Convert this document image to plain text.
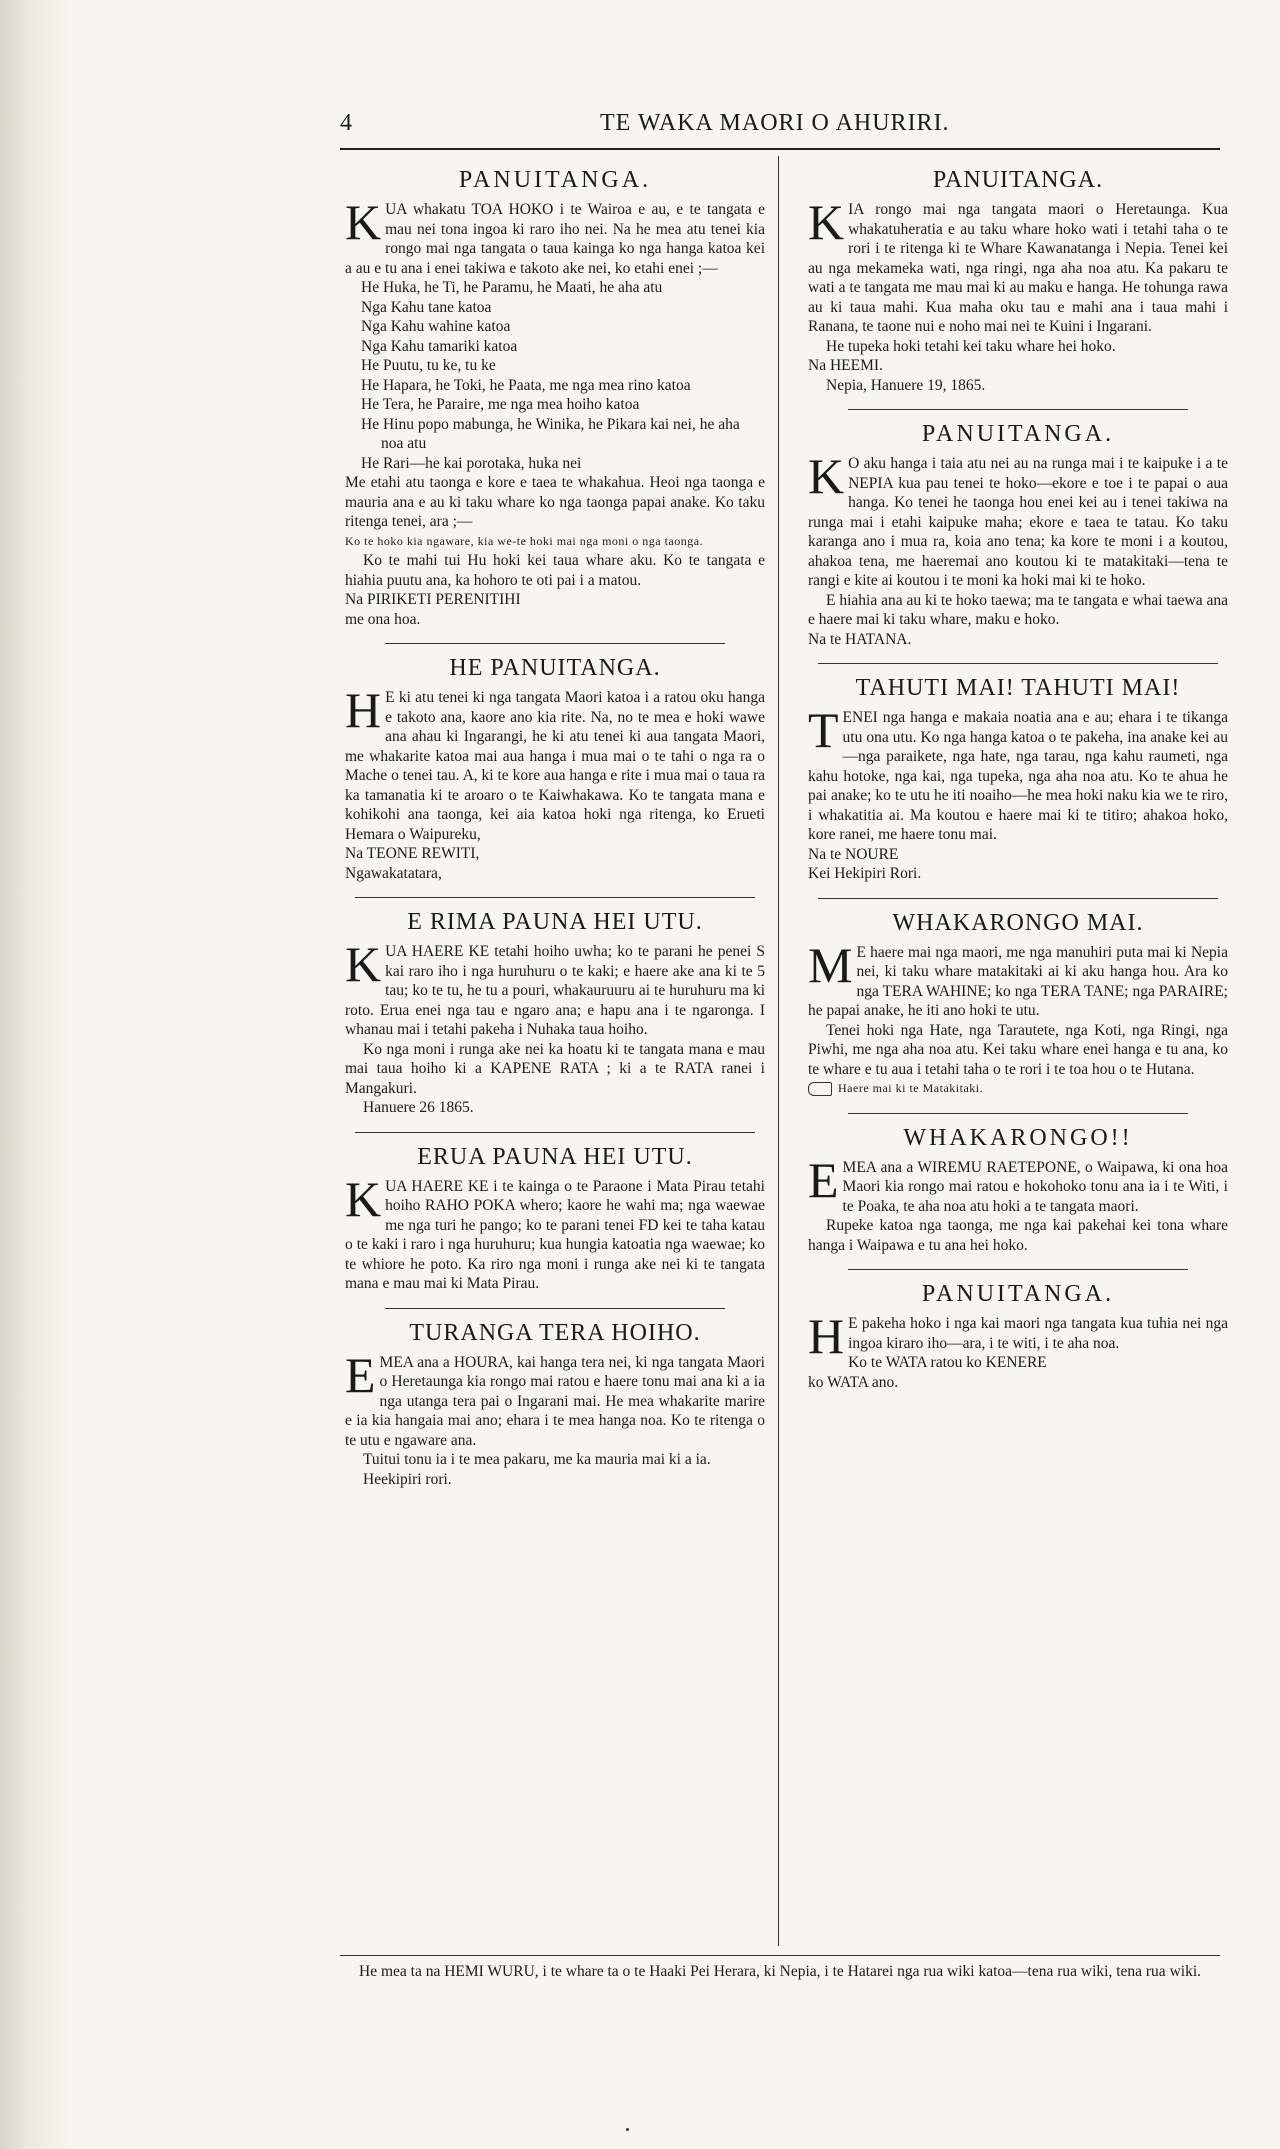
4	TE WAKA MAORI O AHURIRI.
PANUITANGA.

KUA whakatu TOA HOKO i te Wairoa e au, e te tangata e mau nei tona ingoa ki raro iho nei. Na he mea atu tenei kia rongo mai nga tangata o taua kainga ko nga hanga katoa kei a au e tu ana i enei takiwa e takoto ake nei, ko etahi enei ;—

He Huka, he Ti, he Paramu, he Maati, he aha atu
Nga Kahu tane katoa
Nga Kahu wahine katoa
Nga Kahu tamariki katoa
He Puutu, tu ke, tu ke
He Hapara, he Toki, he Paata, me nga mea rino katoa
He Tera, he Paraire, me nga mea hoiho katoa
He Hinu popo mabunga, he Winika, he Pikara kai nei, he aha noa atu
He Rari—he kai porotaka, huka nei

Me etahi atu taonga e kore e taea te whakahua. Heoi nga taonga e mauria ana e au ki taku whare ko nga taonga papai anake. Ko taku ritenga tenei, ara ;—

Ko te hoko kia ngaware, kia we-te hoki mai nga moni o nga taonga.

Ko te mahi tui Hu hoki kei taua whare aku. Ko te tangata e hiahia puutu ana, ka hohoro te oti pai i a matou.

Na PIRIKETI PERENITIHI

me ona hoa.

HE PANUITANGA.

H E ki atu tenei ki nga tangata Maori katoa i a ratou oku hanga e takoto ana, kaore ano kia rite. Na, no te mea e hoki wawe ana ahau ki Ingarangi, he ki atu tenei ki aua tangata Maori, me whakarite katoa mai aua hanga i mua mai o te tahi o nga ra o Mache o tenei tau. A, ki te kore aua hanga e rite i mua mai o taua ra ka tamanatia ki te aroaro o te Kaiwhakawa. Ko te tangata mana e kohikohi ana taonga, kei aia katoa hoki nga ritenga, ko Erueti Hemara o Waipureku,

Na TEONE REWITI,

Ngawakatatara,

E RIMA PAUNA HEI UTU.

KUA HAERE KE tetahi hoiho uwha; ko te parani he penei S kai raro iho i nga huruhuru o te kaki; e haere ake ana ki te 5 tau; ko te tu, he tu a pouri, whakauruuru ai te huruhuru ma ki roto. Erua enei nga tau e ngaro ana; e hapu ana i te ngaronga. I whanau mai i tetahi pakeha i Nuhaka taua hoiho.

Ko nga moni i runga ake nei ka hoatu ki te tangata mana e mau mai taua hoiho ki a KAPENE RATA ; ki a te RATA ranei i Mangakuri.

Hanuere 26 1865.

ERUA PAUNA HEI UTU.

KUA HAERE KE i te kainga o te Paraone i Mata Pirau tetahi hoiho RAHO POKA whero; kaore he wahi ma; nga waewae me nga turi he pango; ko te parani tenei FD kei te taha katau o te kaki i raro i nga huruhuru; kua hungia katoatia nga waewae; ko te whiore he poto. Ka riro nga moni i runga ake nei ki te tangata mana e mau mai ki Mata Pirau.

TURANGA TERA HOIHO.

EMEA ana a HOURA, kai hanga tera nei, ki nga tangata Maori o Heretaunga kia rongo mai ratou e haere tonu mai ana ki a ia nga utanga tera pai o Ingarani mai. He mea whakarite marire e ia kia hangaia mai ano; ehara i te mea hanga noa. Ko te ritenga o te utu e ngaware ana.

Tuitui tonu ia i te mea pakaru, me ka mauria mai ki a ia.

Heekipiri rori.

PANUITANGA.

KIA rongo mai nga tangata maori o Heretaunga. Kua whakatuheratia e au taku whare hoko wati i tetahi taha o te rori i te ritenga ki te Whare Kawanatanga i Nepia. Tenei kei au nga mekameka wati, nga ringi, nga aha noa atu. Ka pakaru te wati a te tangata me mau mai ki au maku e hanga. He tohunga rawa au ki taua mahi. Kua maha oku tau e mahi ana i taua mahi i Ranana, te taone nui e noho mai nei te Kuini i Ingarani.

He tupeka hoki tetahi kei taku whare hei hoko.

Na HEEMI.

Nepia, Hanuere 19, 1865.

PANUITANGA.

K O aku hanga i taia atu nei au na runga mai i te kaipuke i a te NEPIA kua pau tenei te hoko—ekore e toe i te papai o aua hanga. Ko tenei he taonga hou enei kei au i tenei takiwa na runga mai i etahi kaipuke maha; ekore e taea te tatau. Ko taku karanga ano i mua ra, koia ano tena; ka kore te moni i a koutou, ahakoa tena, me haeremai ano koutou ki te matakitaki—tena te rangi e kite ai koutou i te moni ka hoki mai ki te hoko.

E hiahia ana au ki te hoko taewa; ma te tangata e whai taewa ana e haere mai ki taku whare, maku e hoko.

Na te HATANA.

TAHUTI MAI! TAHUTI MAI!

TENEI nga hanga e makaia noatia ana e au; ehara i te tikanga utu ona utu. Ko nga hanga katoa o te pakeha, ina anake kei au—nga paraikete, nga hate, nga tarau, nga kahu raumeti, nga kahu hotoke, nga kai, nga tupeka, nga aha noa atu. Ko te ahua he pai anake; ko te utu he iti noaiho—he mea hoki naku kia we te riro, i whakatitia ai. Ma koutou e haere mai ki te titiro; ahakoa hoko, kore ranei, me haere tonu mai.

Na te NOURE

Kei Hekipiri Rori.

WHAKARONGO MAI.

M E haere mai nga maori, me nga manuhiri puta mai ki Nepia nei, ki taku whare matakitaki ai ki aku hanga hou. Ara ko nga TERA WAHINE; ko nga TERA TANE; nga PARAIRE; he papai anake, he iti ano hoki te utu.

Tenei hoki nga Hate, nga Tarautete, nga Koti, nga Ringi, nga Piwhi, me nga aha noa atu. Kei taku whare enei hanga e tu ana, ko te whare e tu aua i tetahi taha o te rori i te toa hou o te Hutana.

Haere mai ki te Matakitaki.

WHAKARONGO!!

EMEA ana a WIREMU RAETEPONE, o Waipawa, ki ona hoa Maori kia rongo mai ratou e hokohoko tonu ana ia i te Witi, i te Poaka, te aha noa atu hoki a te tangata maori.

Rupeke katoa nga taonga, me nga kai pakehai kei tona whare hanga i Waipawa e tu ana hei hoko.

PANUITANGA.

H E pakeha hoko i nga kai maori nga tangata kua tuhia nei nga ingoa kiraro iho—ara, i te witi, i te aha noa.

Ko te WATA ratou ko KENERE

ko WATA ano.

He mea ta na HEMI WURU, i te whare ta o te Haaki Pei Herara, ki Nepia, i te Hatarei nga rua wiki katoa—tena rua wiki, tena rua wiki.
